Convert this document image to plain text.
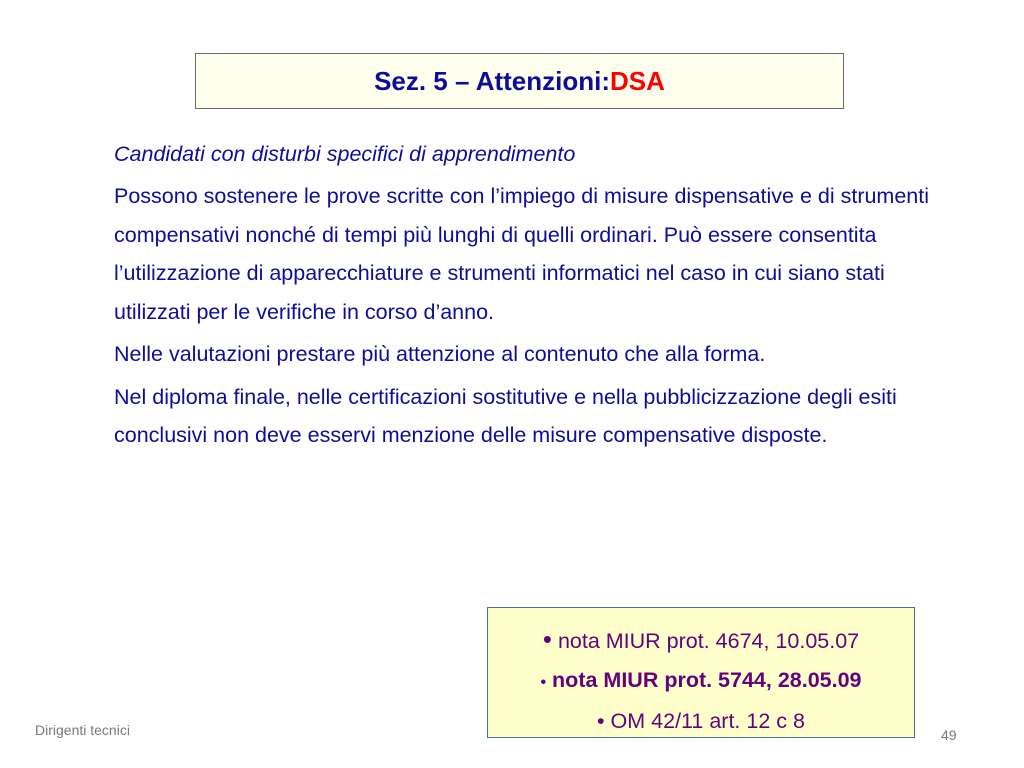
Sez. 5 – Attenzioni: DSA

Candidati con disturbi specifici di apprendimento

Possono sostenere le prove scritte con l’impiego di misure dispensative e di strumenti compensativi nonché di tempi più lunghi di quelli ordinari. Può essere consentita l’utilizzazione di apparecchiature e strumenti informatici nel caso in cui siano stati utilizzati per le verifiche in corso d’anno.

Nelle valutazioni prestare più attenzione al contenuto che alla forma.

Nel diploma finale, nelle certificazioni sostitutive e nella pubblicizzazione degli esiti conclusivi non deve esservi menzione delle misure compensative disposte.

• nota MIUR prot. 4674, 10.05.07
• nota MIUR prot. 5744, 28.05.09
• OM 42/11 art. 12 c 8
Dirigenti tecnici	49
